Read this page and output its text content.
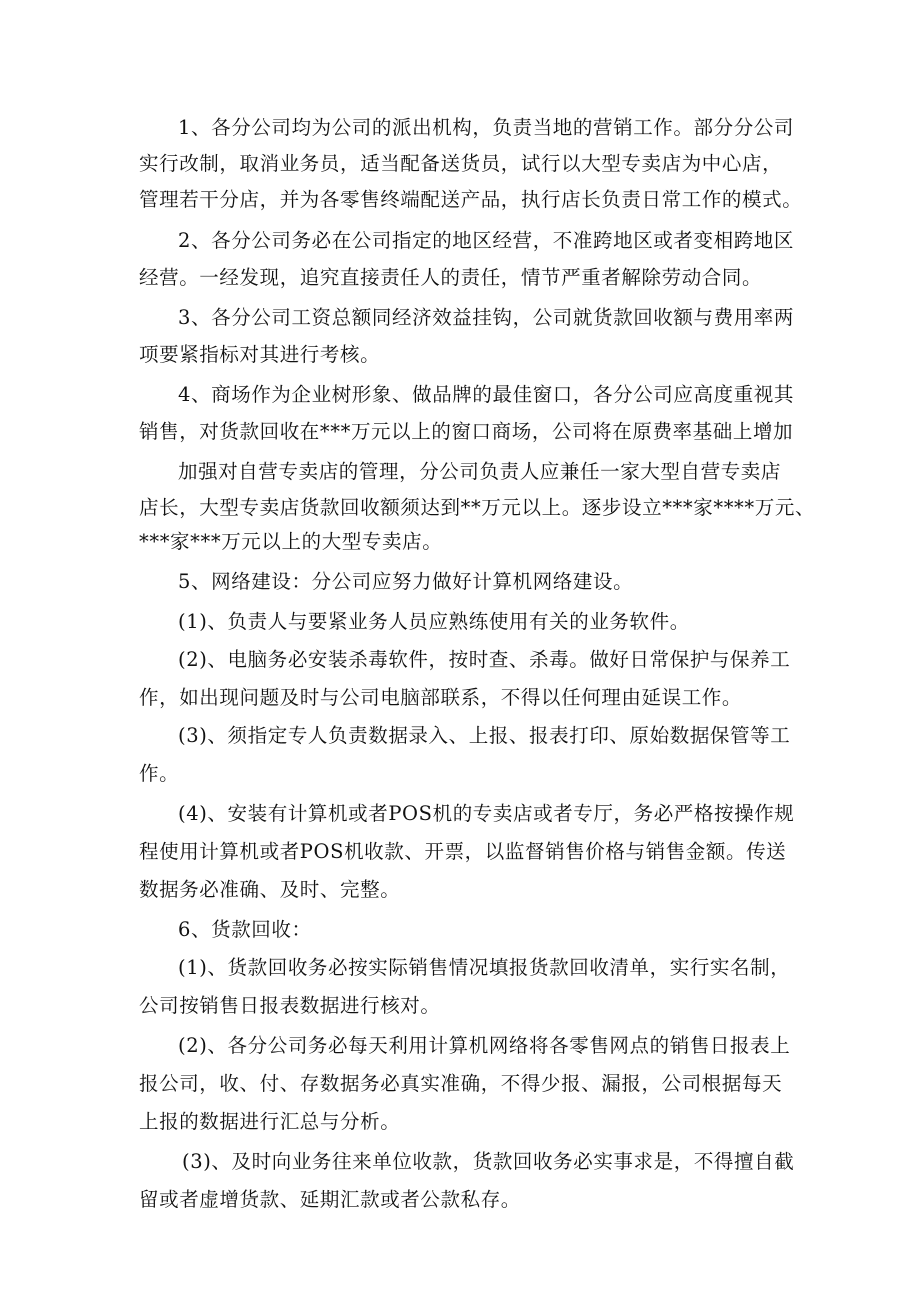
1、各分公司均为公司的派出机构，负责当地的营销工作。部分分公司
实行改制，取消业务员，适当配备送货员，试行以大型专卖店为中心店，
管理若干分店，并为各零售终端配送产品，执行店长负责日常工作的模式。
2、各分公司务必在公司指定的地区经营，不准跨地区或者变相跨地区
经营。一经发现，追究直接责任人的责任，情节严重者解除劳动合同。
3、各分公司工资总额同经济效益挂钩，公司就货款回收额与费用率两
项要紧指标对其进行考核。
4、商场作为企业树形象、做品牌的最佳窗口，各分公司应高度重视其
销售，对货款回收在***万元以上的窗口商场，公司将在原费率基础上增加
加强对自营专卖店的管理，分公司负责人应兼任一家大型自营专卖店
店长，大型专卖店货款回收额须达到**万元以上。逐步设立***家****万元、
***家***万元以上的大型专卖店。
5、网络建设：分公司应努力做好计算机网络建设。
(1)、负责人与要紧业务人员应熟练使用有关的业务软件。
(2)、电脑务必安装杀毒软件，按时查、杀毒。做好日常保护与保养工
作，如出现问题及时与公司电脑部联系，不得以任何理由延误工作。
(3)、须指定专人负责数据录入、上报、报表打印、原始数据保管等工
作。
(4)、安装有计算机或者POS机的专卖店或者专厅，务必严格按操作规
程使用计算机或者POS机收款、开票，以监督销售价格与销售金额。传送
数据务必准确、及时、完整。
6、货款回收：
(1)、货款回收务必按实际销售情况填报货款回收清单，实行实名制，
公司按销售日报表数据进行核对。
(2)、各分公司务必每天利用计算机网络将各零售网点的销售日报表上
报公司，收、付、存数据务必真实准确，不得少报、漏报，公司根据每天
上报的数据进行汇总与分析。
(3)、及时向业务往来单位收款，货款回收务必实事求是，不得擅自截
留或者虚增货款、延期汇款或者公款私存。
